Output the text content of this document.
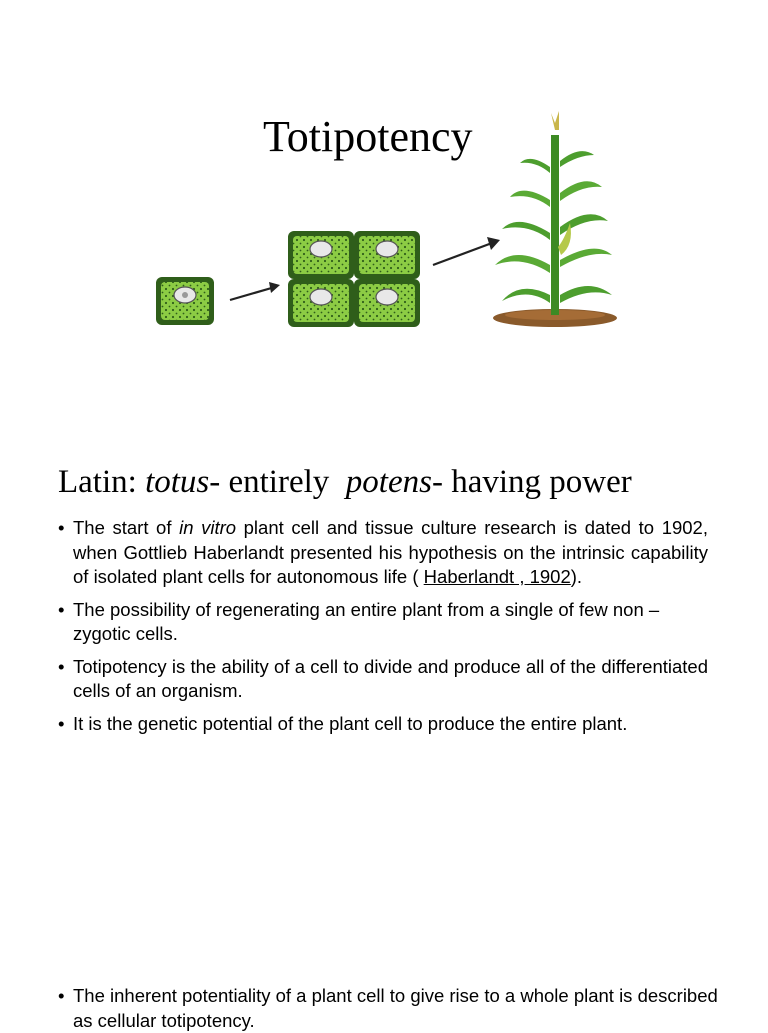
Totipotency
Latin: totus- entirely  potens- having power
• The start of in vitro plant cell and tissue culture research is dated to 1902, when Gottlieb Haberlandt presented his hypothesis on the intrinsic capability of isolated plant cells for autonomous life ( Haberlandt , 1902).
• The possibility of regenerating an entire plant from a single of few non –zygotic cells.
• Totipotency is the ability of a cell to divide and produce all of the differentiated cells of an organism.
• It is the genetic potential of the plant cell to produce the entire plant.

• The inherent potentiality of a plant cell to give rise to a whole plant is described as cellular totipotency.
